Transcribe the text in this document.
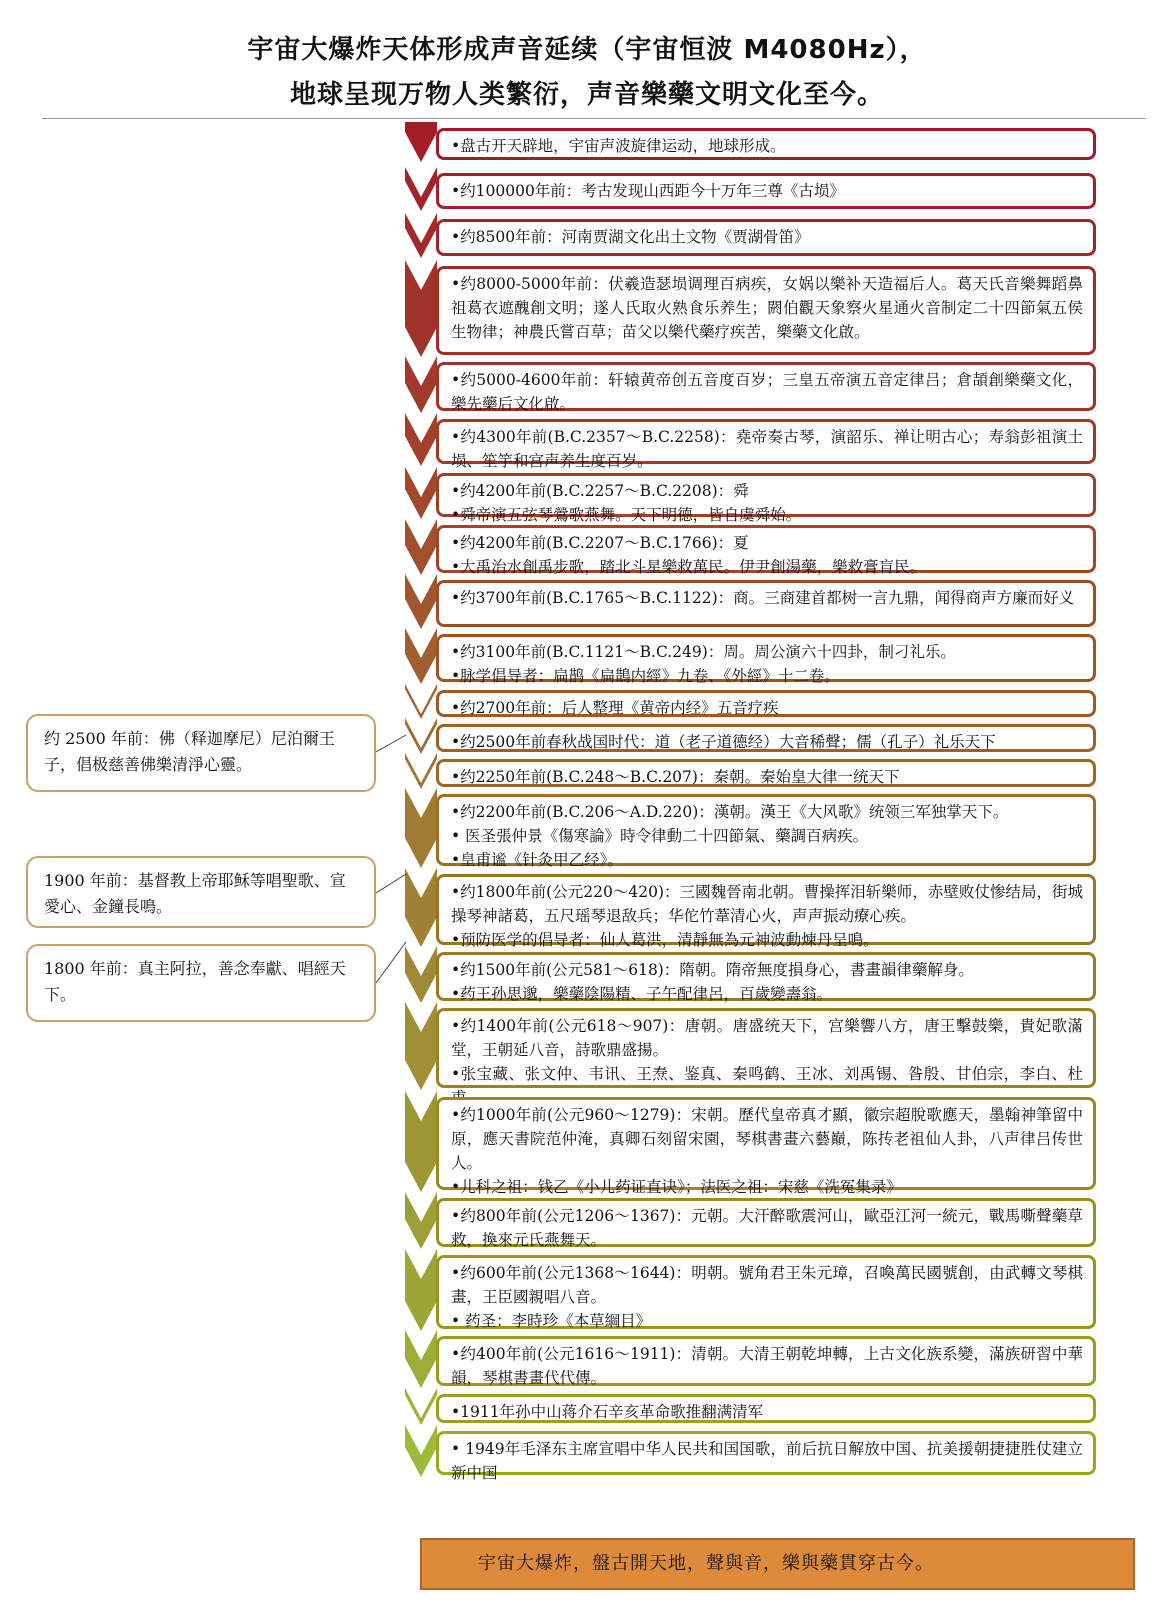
宇宙大爆炸天体形成声音延续（宇宙恒波 M4080Hz），
地球呈现万物人类繁衍，声音樂藥文明文化至今。
•盘古开天辟地，宇宙声波旋律运动，地球形成。
•约100000年前：考古发现山西距今十万年三尊《古埙》
•约8500年前：河南贾湖文化出土文物《贾湖骨笛》
•约8000-5000年前：伏羲造瑟埙调理百病疾，女娲以樂补天造福后人。葛天氏音樂舞蹈鼻祖葛衣遮醜創文明；遂人氏取火熟食乐养生；閼伯觀天象察火星通火音制定二十四節氣五侯生物律；神農氏嘗百草；苗父以樂代藥疗疾苦，樂藥文化啟。
•约5000-4600年前：轩辕黄帝创五音度百岁；三皇五帝演五音定律吕；倉頡創樂藥文化，樂先藥后文化啟。
•约4300年前(B.C.2357～B.C.2258)：堯帝奏古琴，演韶乐、禅让明古心；寿翁彭祖演土埙、笙竽和宫声养生度百岁。
•约4200年前(B.C.2257～B.C.2208)：舜
•舜帝演五弦琴鶯歌燕舞。天下明德，皆自虞舜始。
•约4200年前(B.C.2207～B.C.1766)：夏
•大禹治水創禹步歌，踏北斗星樂救萬民。伊尹創湯藥，樂救膏肓民。
•约3700年前(B.C.1765～B.C.1122)：商。三商建首都树一言九鼎，闻得商声方廉而好义
•约3100年前(B.C.1121～B.C.249)：周。周公演六十四卦，制刁礼乐。
•脉学倡导者：扁鹊《扁鵲内經》九卷、《外經》十二卷。
•约2700年前：后人整理《黄帝内经》五音疗疾
•约2500年前春秋战国时代：道（老子道德经）大音稀聲；儒（孔子）礼乐天下
•约2250年前(B.C.248～B.C.207)：秦朝。秦始皇大律一统天下
•约2200年前(B.C.206～A.D.220)：漢朝。漢王《大风歌》统领三军独掌天下。
• 医圣張仲景《傷寒論》時令律動二十四節氣、藥調百病疾。
•皇甫谧《针灸甲乙经》。
•约1800年前(公元220～420)：三國魏晉南北朝。曹操挥泪斩樂师，赤壁败仗惨结局，街城操琴神諸葛，五尺瑶琴退敌兵；华佗竹葦清心火，声声振动療心疾。
•预防医学的倡导者：仙人葛洪，清靜無為元神波動煉丹呈鳴。
•约1500年前(公元581～618)：隋朝。隋帝無度損身心，書畫韻律藥解身。
•药王孙思邈，樂藥陰陽精、子午配律呂，百歲變壽翁。
•约1400年前(公元618～907)：唐朝。唐盛统天下，宫樂響八方，唐王擊鼓樂，貴妃歌滿堂，王朝延八音，詩歌鼎盛揚。
•张宝藏、张文仲、韦讯、王焘、鉴真、秦鸣鹤、王冰、刘禹锡、昝殷、甘伯宗，李白、杜
•约1000年前(公元960～1279)：宋朝。歷代皇帝真才顯，徽宗超脫歌應天，墨翰神筆留中原，應天書院范仲淹，真卿石刻留宋園，琴棋書畫六藝巔，陈抟老祖仙人卦，八声律吕传世人。
•儿科之祖：钱乙《小儿药证直诀》；法医之祖：宋慈《洗冤集录》
•约800年前(公元1206～1367)：元朝。大汗醉歌震河山，歐亞江河一統元，戰馬嘶聲藥草救，換來元氏燕舞天。
•约600年前(公元1368～1644)：明朝。號角君王朱元璋，召喚萬民國號創，由武轉文琴棋畫，王臣國親唱八音。
• 药圣：李時珍《本草綱目》
•约400年前(公元1616～1911)：清朝。大清王朝乾坤轉，上古文化族系變，滿族研習中華韻，琴棋書畫代代傳。
•1911年孙中山蒋介石辛亥革命歌推翻满清军
• 1949年毛泽东主席宣唱中华人民共和国国歌，前后抗日解放中国、抗美援朝捷捷胜仗建立新中国
约 2500 年前：佛（释迦摩尼）尼泊爾王子，倡极慈善佛樂清淨心靈。
1900 年前：基督教上帝耶稣等唱聖歌、宣愛心、金鐘長鳴。
1800 年前：真主阿拉，善念奉獻、唱經天下。
宇宙大爆炸，盤古開天地，聲與音，樂與藥貫穿古今。
